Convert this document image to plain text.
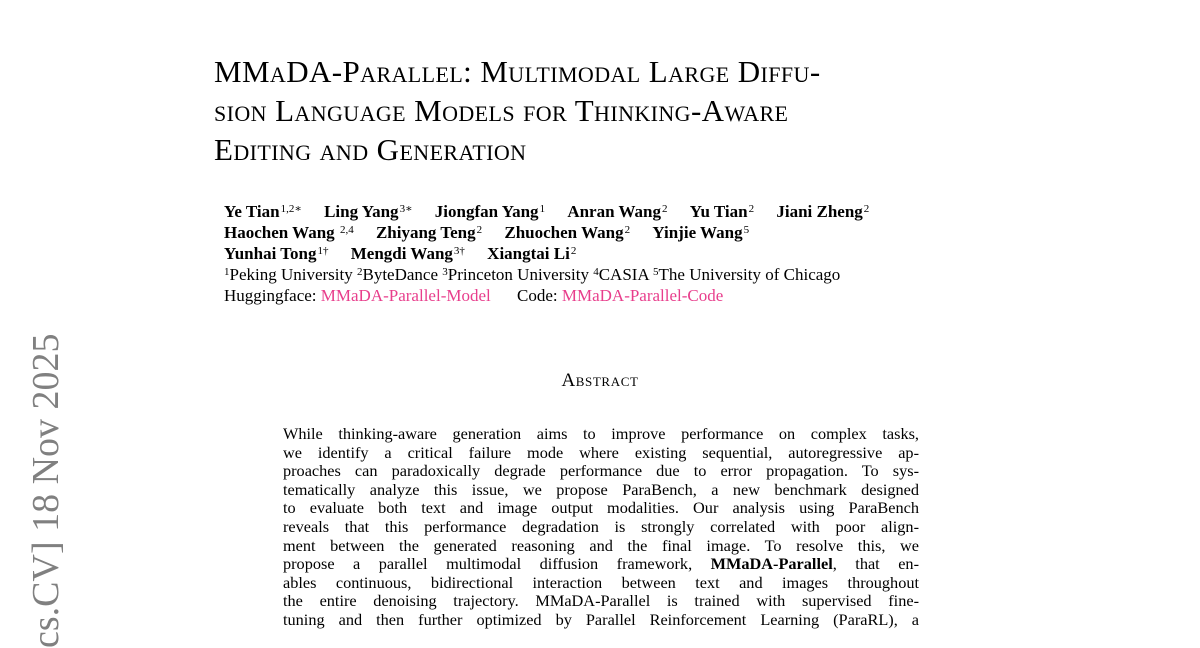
cs.CV] 18 Nov 2025
MMaDA-Parallel: Multimodal Large Diffu-
sion Language Models for Thinking-Aware
Editing and Generation
Ye Tian$^{1,2∗}$ Ling Yang$^{3∗}$ Jiongfan Yang$^1$ Anran Wang$^2$ Yu Tian$^2$ Jiani Zheng$^2$
Haochen Wang $^{2,4}$ Zhiyang Teng$^2$ Zhuochen Wang$^2$ Yinjie Wang$^5$
Yunhai Tong$^{1\dagger}$ Mengdi Wang$^{3\dagger}$ Xiangtai Li$^2$
$^1$Peking University $^2$ByteDance $^3$Princeton University $^4$CASIA $^5$The University of Chicago
Huggingface: MMaDA-Parallel-Model Code: MMaDA-Parallel-Code
Abstract
While thinking-aware generation aims to improve performance on complex tasks,
we identify a critical failure mode where existing sequential, autoregressive ap-
proaches can paradoxically degrade performance due to error propagation. To sys-
tematically analyze this issue, we propose ParaBench, a new benchmark designed
to evaluate both text and image output modalities. Our analysis using ParaBench
reveals that this performance degradation is strongly correlated with poor align-
ment between the generated reasoning and the final image. To resolve this, we
propose a parallel multimodal diffusion framework, MMaDA-Parallel, that en-
ables continuous, bidirectional interaction between text and images throughout
the entire denoising trajectory. MMaDA-Parallel is trained with supervised fine-
tuning and then further optimized by Parallel Reinforcement Learning (ParaRL), a
